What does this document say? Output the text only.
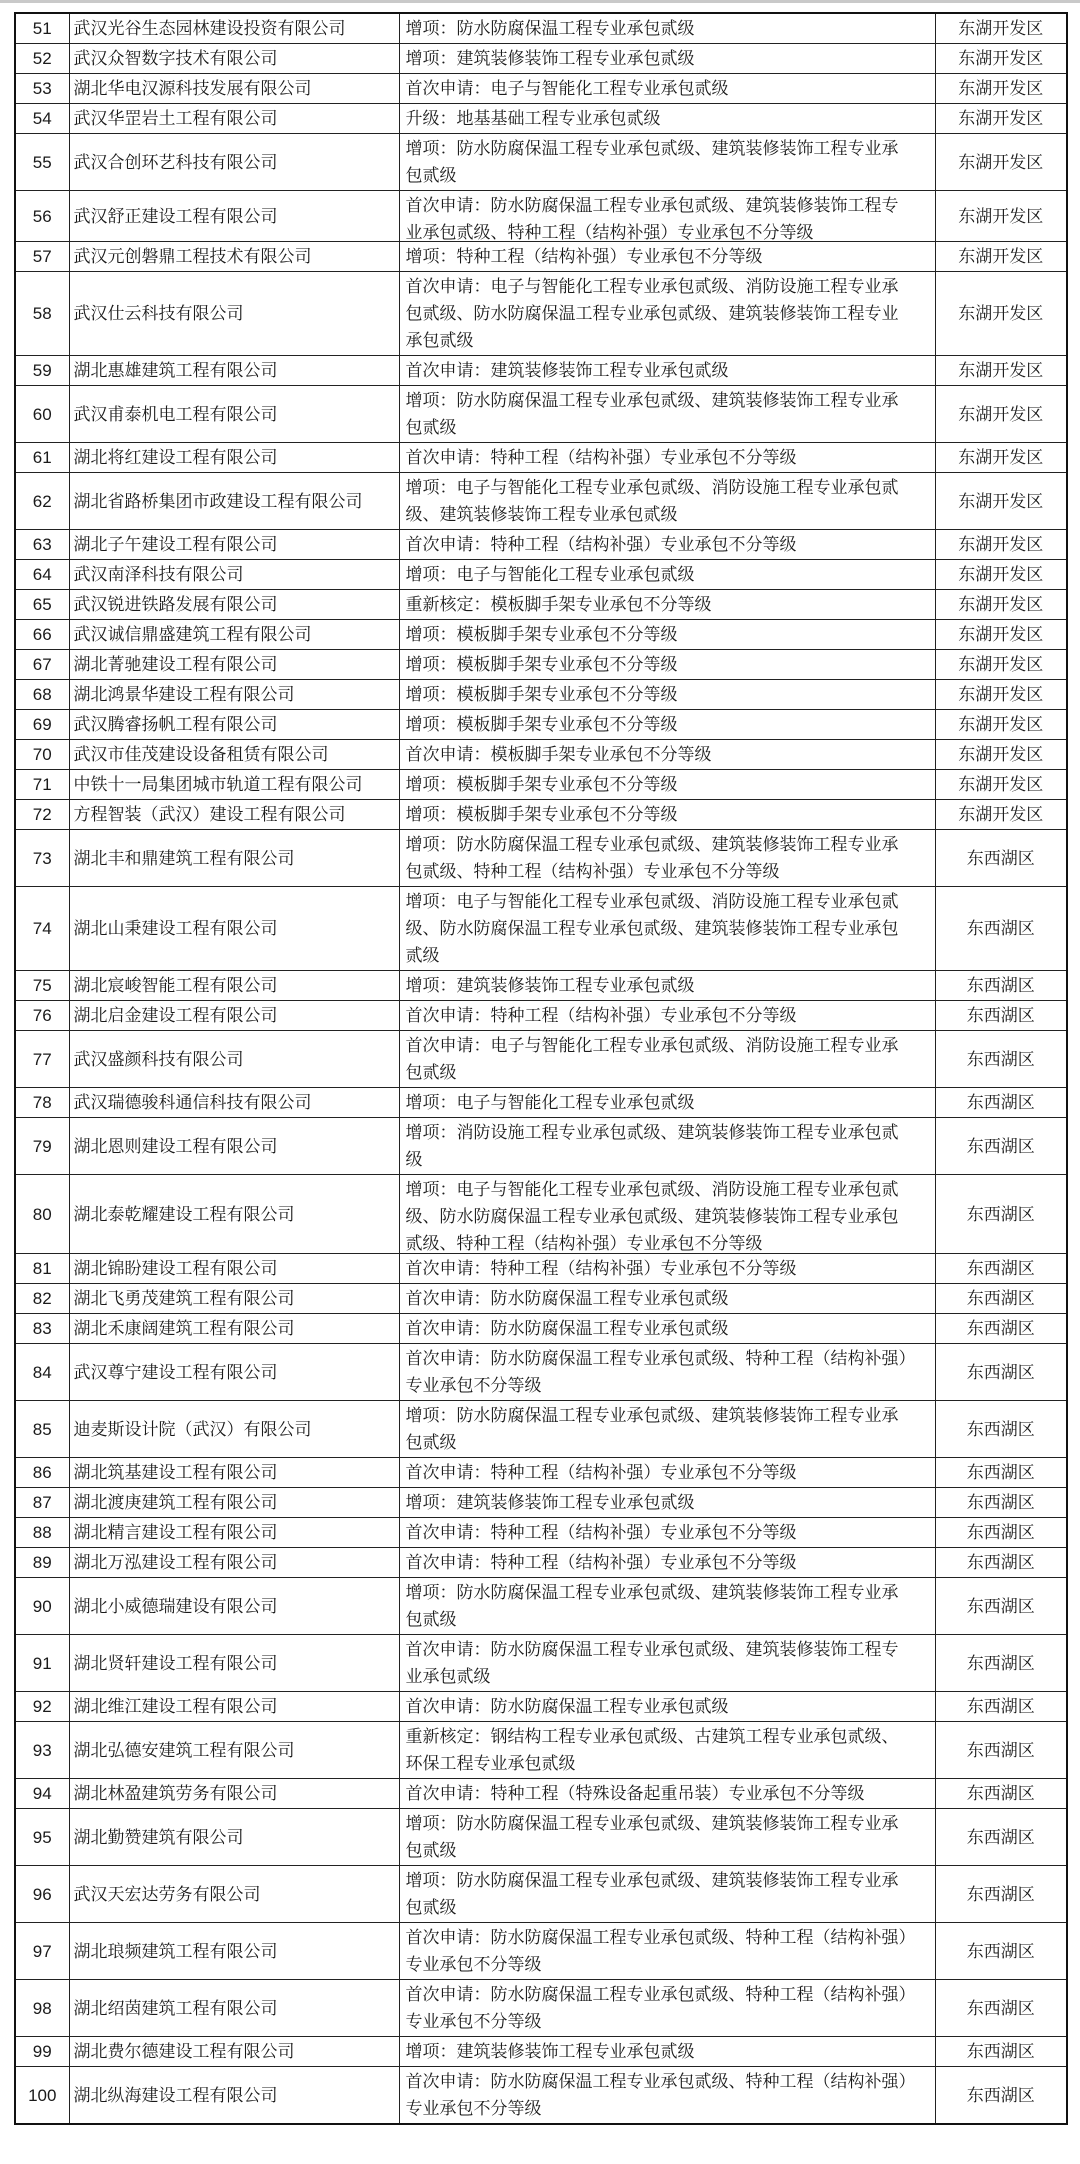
51	武汉光谷生态园林建设投资有限公司	增项：防水防腐保温工程专业承包贰级	东湖开发区
52	武汉众智数字技术有限公司	增项：建筑装修装饰工程专业承包贰级	东湖开发区
53	湖北华电汉源科技发展有限公司	首次申请：电子与智能化工程专业承包贰级	东湖开发区
54	武汉华罡岩土工程有限公司	升级：地基基础工程专业承包贰级	东湖开发区
55	武汉合创环艺科技有限公司	增项：防水防腐保温工程专业承包贰级、建筑装修装饰工程专业承包贰级	东湖开发区
56	武汉舒正建设工程有限公司	首次申请：防水防腐保温工程专业承包贰级、建筑装修装饰工程专业承包贰级、特种工程（结构补强）专业承包不分等级	东湖开发区
57	武汉元创磐鼎工程技术有限公司	增项：特种工程（结构补强）专业承包不分等级	东湖开发区
58	武汉仕云科技有限公司	首次申请：电子与智能化工程专业承包贰级、消防设施工程专业承包贰级、防水防腐保温工程专业承包贰级、建筑装修装饰工程专业承包贰级	东湖开发区
59	湖北惠雄建筑工程有限公司	首次申请：建筑装修装饰工程专业承包贰级	东湖开发区
60	武汉甫泰机电工程有限公司	增项：防水防腐保温工程专业承包贰级、建筑装修装饰工程专业承包贰级	东湖开发区
61	湖北将红建设工程有限公司	首次申请：特种工程（结构补强）专业承包不分等级	东湖开发区
62	湖北省路桥集团市政建设工程有限公司	增项：电子与智能化工程专业承包贰级、消防设施工程专业承包贰级、建筑装修装饰工程专业承包贰级	东湖开发区
63	湖北子午建设工程有限公司	首次申请：特种工程（结构补强）专业承包不分等级	东湖开发区
64	武汉南泽科技有限公司	增项：电子与智能化工程专业承包贰级	东湖开发区
65	武汉锐进铁路发展有限公司	重新核定：模板脚手架专业承包不分等级	东湖开发区
66	武汉诚信鼎盛建筑工程有限公司	增项：模板脚手架专业承包不分等级	东湖开发区
67	湖北菁驰建设工程有限公司	增项：模板脚手架专业承包不分等级	东湖开发区
68	湖北鸿景华建设工程有限公司	增项：模板脚手架专业承包不分等级	东湖开发区
69	武汉腾睿扬帆工程有限公司	增项：模板脚手架专业承包不分等级	东湖开发区
70	武汉市佳茂建设设备租赁有限公司	首次申请：模板脚手架专业承包不分等级	东湖开发区
71	中铁十一局集团城市轨道工程有限公司	增项：模板脚手架专业承包不分等级	东湖开发区
72	方程智装（武汉）建设工程有限公司	增项：模板脚手架专业承包不分等级	东湖开发区
73	湖北丰和鼎建筑工程有限公司	增项：防水防腐保温工程专业承包贰级、建筑装修装饰工程专业承包贰级、特种工程（结构补强）专业承包不分等级	东西湖区
74	湖北山秉建设工程有限公司	增项：电子与智能化工程专业承包贰级、消防设施工程专业承包贰级、防水防腐保温工程专业承包贰级、建筑装修装饰工程专业承包贰级	东西湖区
75	湖北宸峻智能工程有限公司	增项：建筑装修装饰工程专业承包贰级	东西湖区
76	湖北启金建设工程有限公司	首次申请：特种工程（结构补强）专业承包不分等级	东西湖区
77	武汉盛颜科技有限公司	首次申请：电子与智能化工程专业承包贰级、消防设施工程专业承包贰级	东西湖区
78	武汉瑞德骏科通信科技有限公司	增项：电子与智能化工程专业承包贰级	东西湖区
79	湖北恩则建设工程有限公司	增项：消防设施工程专业承包贰级、建筑装修装饰工程专业承包贰级	东西湖区
80	湖北泰乾耀建设工程有限公司	增项：电子与智能化工程专业承包贰级、消防设施工程专业承包贰级、防水防腐保温工程专业承包贰级、建筑装修装饰工程专业承包贰级、特种工程（结构补强）专业承包不分等级	东西湖区
81	湖北锦盼建设工程有限公司	首次申请：特种工程（结构补强）专业承包不分等级	东西湖区
82	湖北飞勇茂建筑工程有限公司	首次申请：防水防腐保温工程专业承包贰级	东西湖区
83	湖北禾康阔建筑工程有限公司	首次申请：防水防腐保温工程专业承包贰级	东西湖区
84	武汉尊宁建设工程有限公司	首次申请：防水防腐保温工程专业承包贰级、特种工程（结构补强）专业承包不分等级	东西湖区
85	迪麦斯设计院（武汉）有限公司	增项：防水防腐保温工程专业承包贰级、建筑装修装饰工程专业承包贰级	东西湖区
86	湖北筑基建设工程有限公司	首次申请：特种工程（结构补强）专业承包不分等级	东西湖区
87	湖北渡庚建筑工程有限公司	增项：建筑装修装饰工程专业承包贰级	东西湖区
88	湖北精言建设工程有限公司	首次申请：特种工程（结构补强）专业承包不分等级	东西湖区
89	湖北万泓建设工程有限公司	首次申请：特种工程（结构补强）专业承包不分等级	东西湖区
90	湖北小威德瑞建设有限公司	增项：防水防腐保温工程专业承包贰级、建筑装修装饰工程专业承包贰级	东西湖区
91	湖北贤轩建设工程有限公司	首次申请：防水防腐保温工程专业承包贰级、建筑装修装饰工程专业承包贰级	东西湖区
92	湖北维江建设工程有限公司	首次申请：防水防腐保温工程专业承包贰级	东西湖区
93	湖北弘德安建筑工程有限公司	重新核定：钢结构工程专业承包贰级、古建筑工程专业承包贰级、环保工程专业承包贰级	东西湖区
94	湖北林盈建筑劳务有限公司	首次申请：特种工程（特殊设备起重吊装）专业承包不分等级	东西湖区
95	湖北勤赞建筑有限公司	增项：防水防腐保温工程专业承包贰级、建筑装修装饰工程专业承包贰级	东西湖区
96	武汉天宏达劳务有限公司	增项：防水防腐保温工程专业承包贰级、建筑装修装饰工程专业承包贰级	东西湖区
97	湖北琅频建筑工程有限公司	首次申请：防水防腐保温工程专业承包贰级、特种工程（结构补强）专业承包不分等级	东西湖区
98	湖北绍茵建筑工程有限公司	首次申请：防水防腐保温工程专业承包贰级、特种工程（结构补强）专业承包不分等级	东西湖区
99	湖北费尔德建设工程有限公司	增项：建筑装修装饰工程专业承包贰级	东西湖区
100	湖北纵海建设工程有限公司	首次申请：防水防腐保温工程专业承包贰级、特种工程（结构补强）专业承包不分等级	东西湖区
